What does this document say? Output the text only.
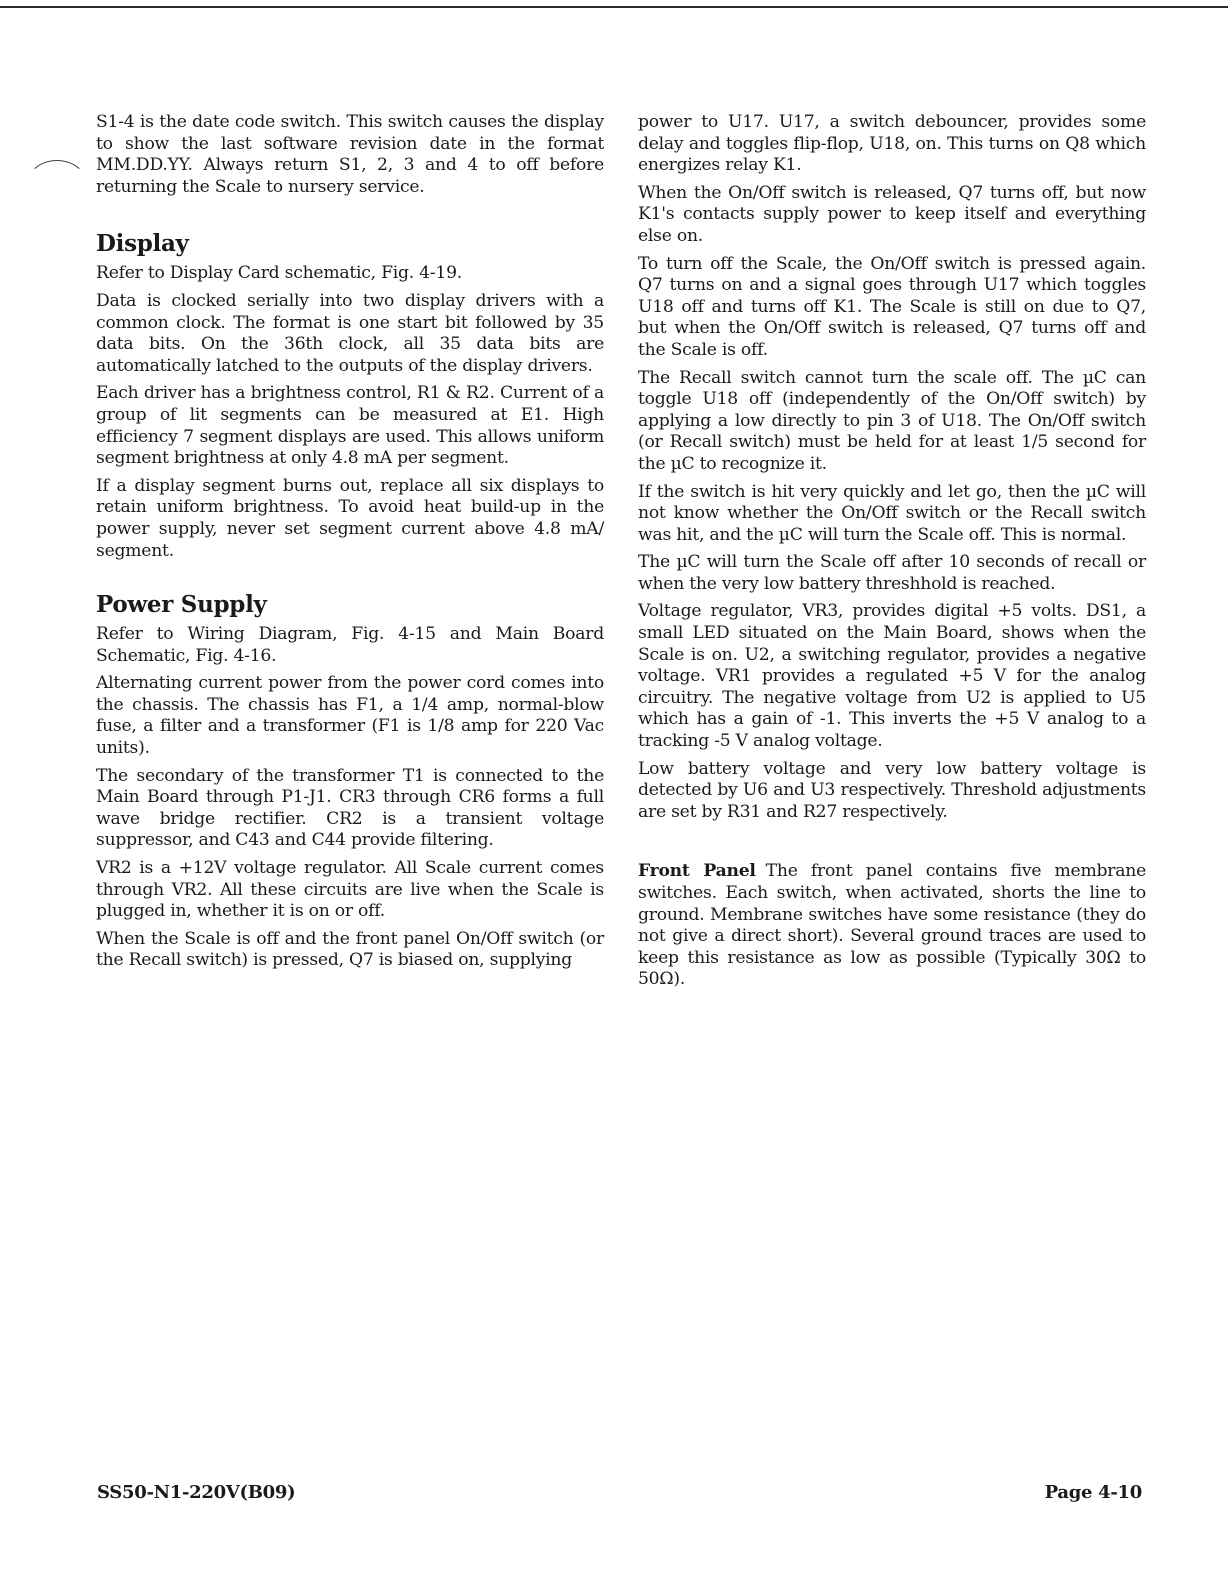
S1-4 is the date code switch. This switch causes the display to show the last software revision date in the format MM.DD.YY. Always return S1, 2, 3 and 4 to off before returning the Scale to nursery service.

Display

Refer to Display Card schematic, Fig. 4-19.

Data is clocked serially into two display drivers with a common clock. The format is one start bit followed by 35 data bits. On the 36th clock, all 35 data bits are automatically latched to the outputs of the display drivers.

Each driver has a brightness control, R1 & R2. Current of a group of lit segments can be measured at E1. High efficiency 7 segment displays are used. This allows uniform segment brightness at only 4.8 mA per segment.

If a display segment burns out, replace all six displays to retain uniform brightness. To avoid heat build-up in the power supply, never set segment current above 4.8 mA/ segment.

Power Supply

Refer to Wiring Diagram, Fig. 4-15 and Main Board Schematic, Fig. 4-16.

Alternating current power from the power cord comes into the chassis. The chassis has F1, a 1/4 amp, normal-blow fuse, a filter and a transformer (F1 is 1/8 amp for 220 Vac units).

The secondary of the transformer T1 is connected to the Main Board through P1-J1. CR3 through CR6 forms a full wave bridge rectifier. CR2 is a transient voltage suppressor, and C43 and C44 provide filtering.

VR2 is a +12V voltage regulator. All Scale current comes through VR2. All these circuits are live when the Scale is plugged in, whether it is on or off.

When the Scale is off and the front panel On/Off switch (or the Recall switch) is pressed, Q7 is biased on, supplying

power to U17. U17, a switch debouncer, provides some delay and toggles flip-flop, U18, on. This turns on Q8 which energizes relay K1.

When the On/Off switch is released, Q7 turns off, but now K1's contacts supply power to keep itself and everything else on.

To turn off the Scale, the On/Off switch is pressed again. Q7 turns on and a signal goes through U17 which toggles U18 off and turns off K1. The Scale is still on due to Q7, but when the On/Off switch is released, Q7 turns off and the Scale is off.

The Recall switch cannot turn the scale off. The µC can toggle U18 off (independently of the On/Off switch) by applying a low directly to pin 3 of U18. The On/Off switch (or Recall switch) must be held for at least 1/5 second for the µC to recognize it.

If the switch is hit very quickly and let go, then the µC will not know whether the On/Off switch or the Recall switch was hit, and the µC will turn the Scale off. This is normal.

The µC will turn the Scale off after 10 seconds of recall or when the very low battery threshhold is reached.

Voltage regulator, VR3, provides digital +5 volts. DS1, a small LED situated on the Main Board, shows when the Scale is on. U2, a switching regulator, provides a negative voltage. VR1 provides a regulated +5 V for the analog circuitry. The negative voltage from U2 is applied to U5 which has a gain of -1. This inverts the +5 V analog to a tracking -5 V analog voltage.

Low battery voltage and very low battery voltage is detected by U6 and U3 respectively. Threshold adjustments are set by R31 and R27 respectively.

Front Panel The front panel contains five membrane switches. Each switch, when activated, shorts the line to ground. Membrane switches have some resistance (they do not give a direct short). Several ground traces are used to keep this resistance as low as possible (Typically 30Ω to 50Ω).

SS50-N1-220V(B09)	Page 4-10
